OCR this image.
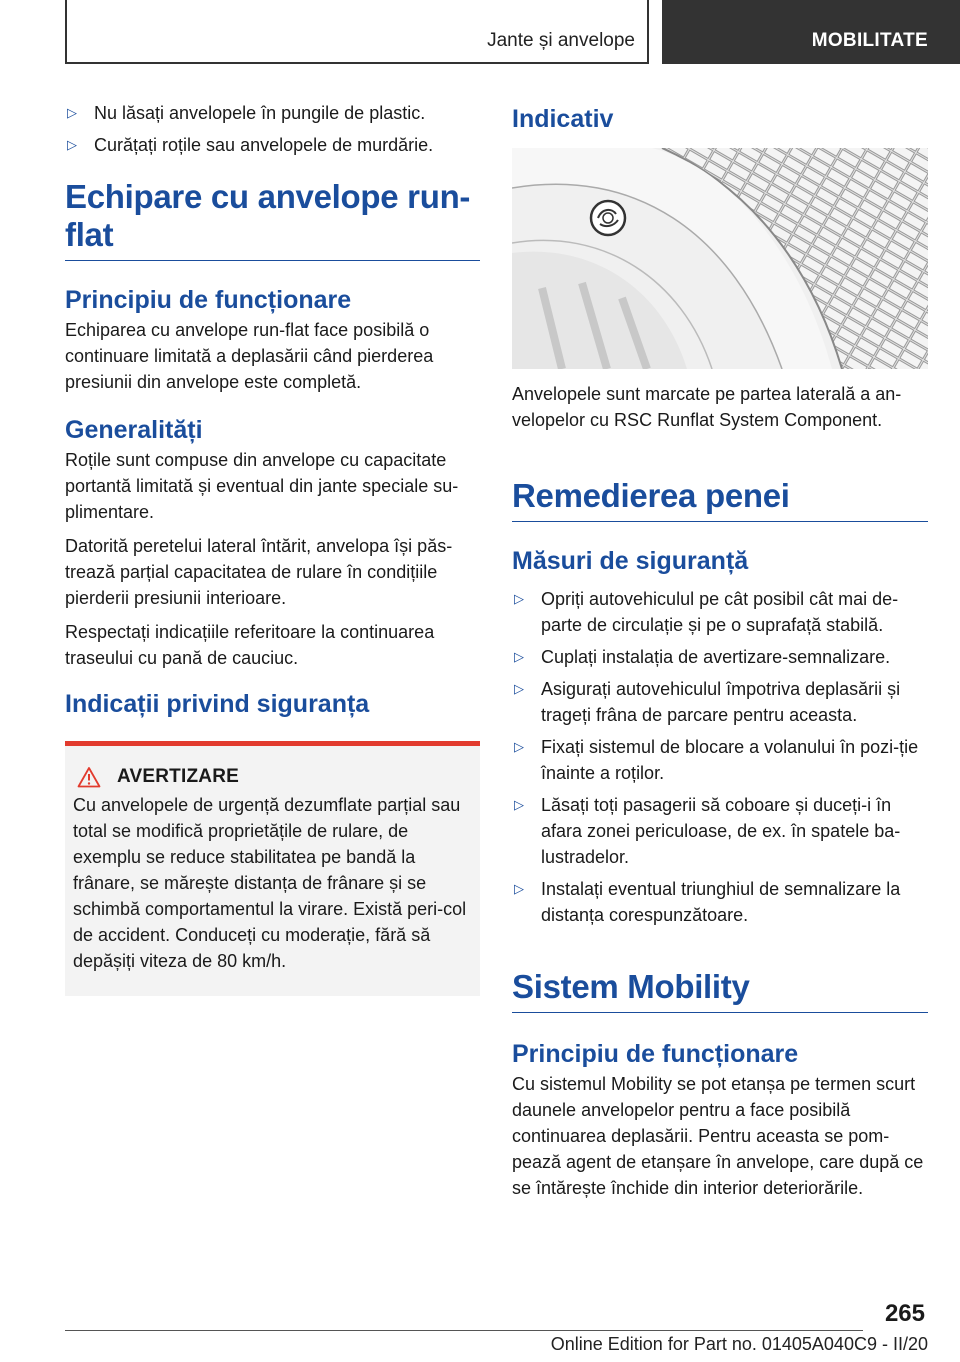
Jante și anvelope	MOBILITATE
▷ Nu lăsați anvelopele în pungile de plastic.
▷ Curățați roțile sau anvelopele de murdărie.
Echipare cu anvelope run-flat
Principiu de funcționare

Echiparea cu anvelope run-flat face posibilă o continuare limitată a deplasării când pierderea presiunii din anvelope este completă.

Generalități

Roțile sunt compuse din anvelope cu capacitate portantă limitată și eventual din jante speciale su-plimentare.

Datorită peretelui lateral întărit, anvelopa își păs-trează parțial capacitatea de rulare în condițiile pierderii presiunii interioare.

Respectați indicațiile referitoare la continuarea traseului cu pană de cauciuc.

Indicații privind siguranța
AVERTIZARE

Cu anvelopele de urgență dezumflate parțial sau total se modifică proprietățile de rulare, de exemplu se reduce stabilitatea pe bandă la frânare, se mărește distanța de frânare și se schimbă comportamentul la virare. Există peri-col de accident. Conduceți cu moderație, fără să depășiți viteza de 80 km/h.

Indicativ

Anvelopele sunt marcate pe partea laterală a an-velopelor cu RSC Runflat System Component.

Remedierea penei
Măsuri de siguranță
▷ Opriți autovehiculul pe cât posibil cât mai de-parte de circulație și pe o suprafață stabilă.
▷ Cuplați instalația de avertizare-semnalizare.
▷ Asigurați autovehiculul împotriva deplasării și trageți frâna de parcare pentru aceasta.
▷ Fixați sistemul de blocare a volanului în pozi-ție înainte a roților.
▷ Lăsați toți pasagerii să coboare și duceți-i în afara zonei periculoase, de ex. în spatele ba-lustradelor.
▷ Instalați eventual triunghiul de semnalizare la distanța corespunzătoare.
Sistem Mobility
Principiu de funcționare

Cu sistemul Mobility se pot etanșa pe termen scurt daunele anvelopelor pentru a face posibilă continuarea deplasării. Pentru aceasta se pom-pează agent de etanșare în anvelope, care după ce se întărește închide din interior deteriorările.

265
Online Edition for Part no. 01405A040C9 - II/20
